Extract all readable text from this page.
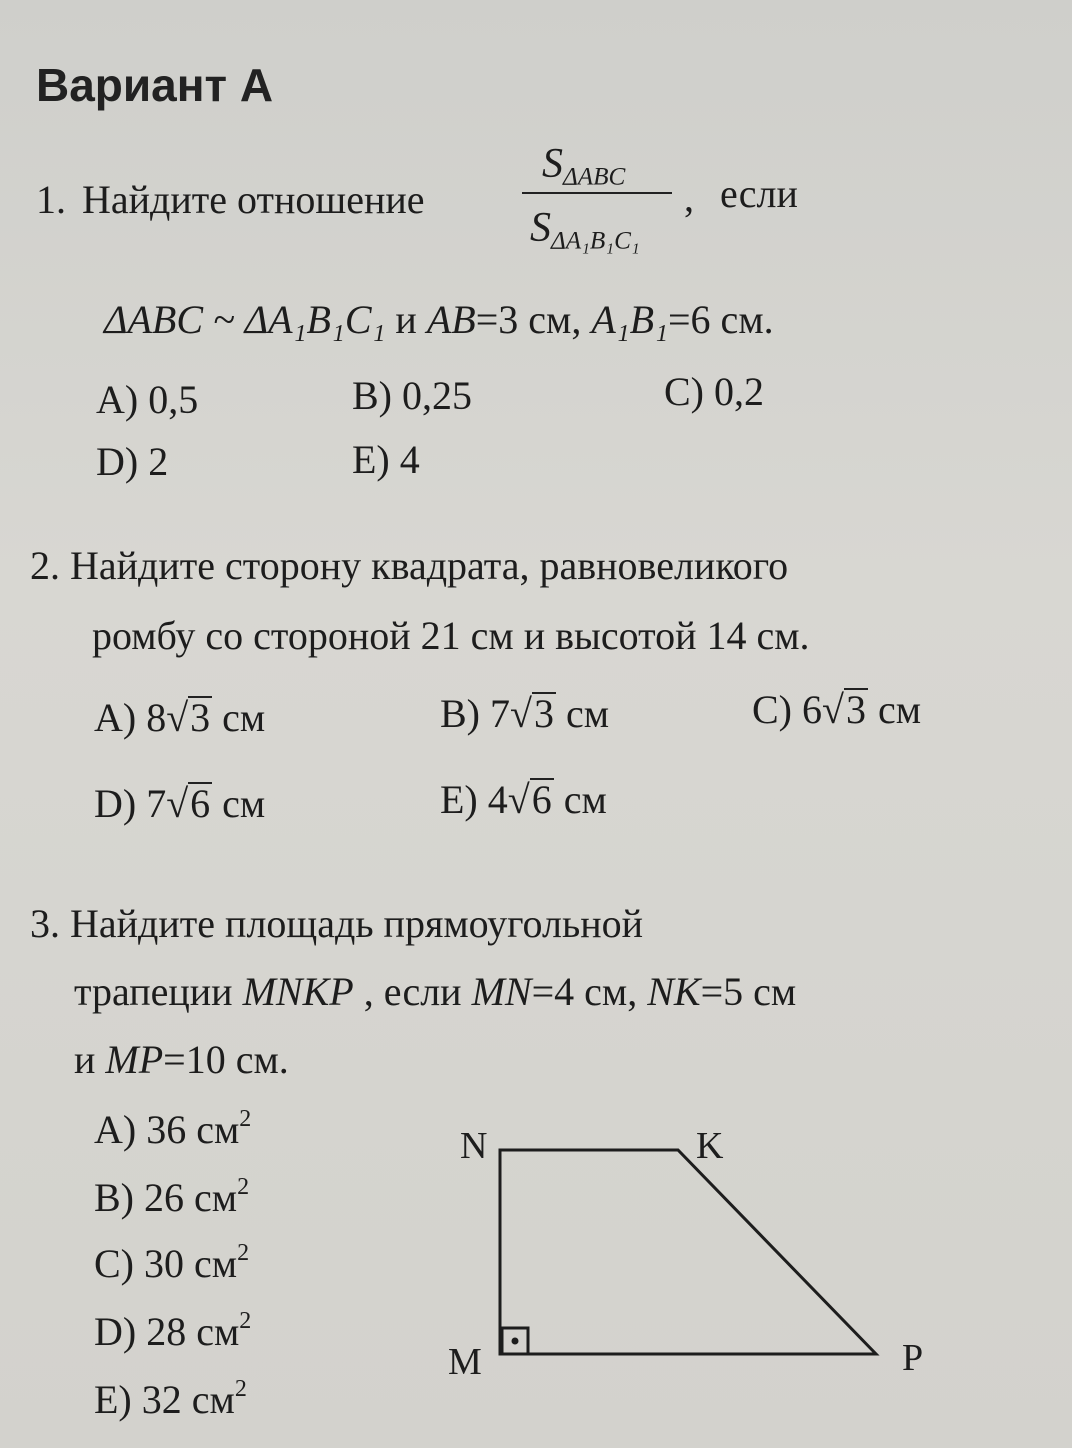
Вариант А
1. Найдите отношение
$S_{\Delta ABC}$
$S_{\Delta A_1B_1C_1}$
, если
ΔABC ~ ΔA₁B₁C₁ и AB=3 см, A₁B₁=6 см.
A) 0,5	B) 0,25	C) 0,2
D) 2	E) 4
2. Найдите сторону квадрата, равновеликого
ромбу со стороной 21 см и высотой 14 см.
A) 8√3 см	B) 7√3 см	C) 6√3 см
D) 7√6 см	E) 4√6 см
3. Найдите площадь прямоугольной
трапеции MNKP , если MN=4 см, NK=5 см
и MP=10 см.
A) 36 $см^2$
B) 26 $см^2$
C) 30 $см^2$
D) 28 $см^2$
E) 32 $см^2$
N	K
M	P
